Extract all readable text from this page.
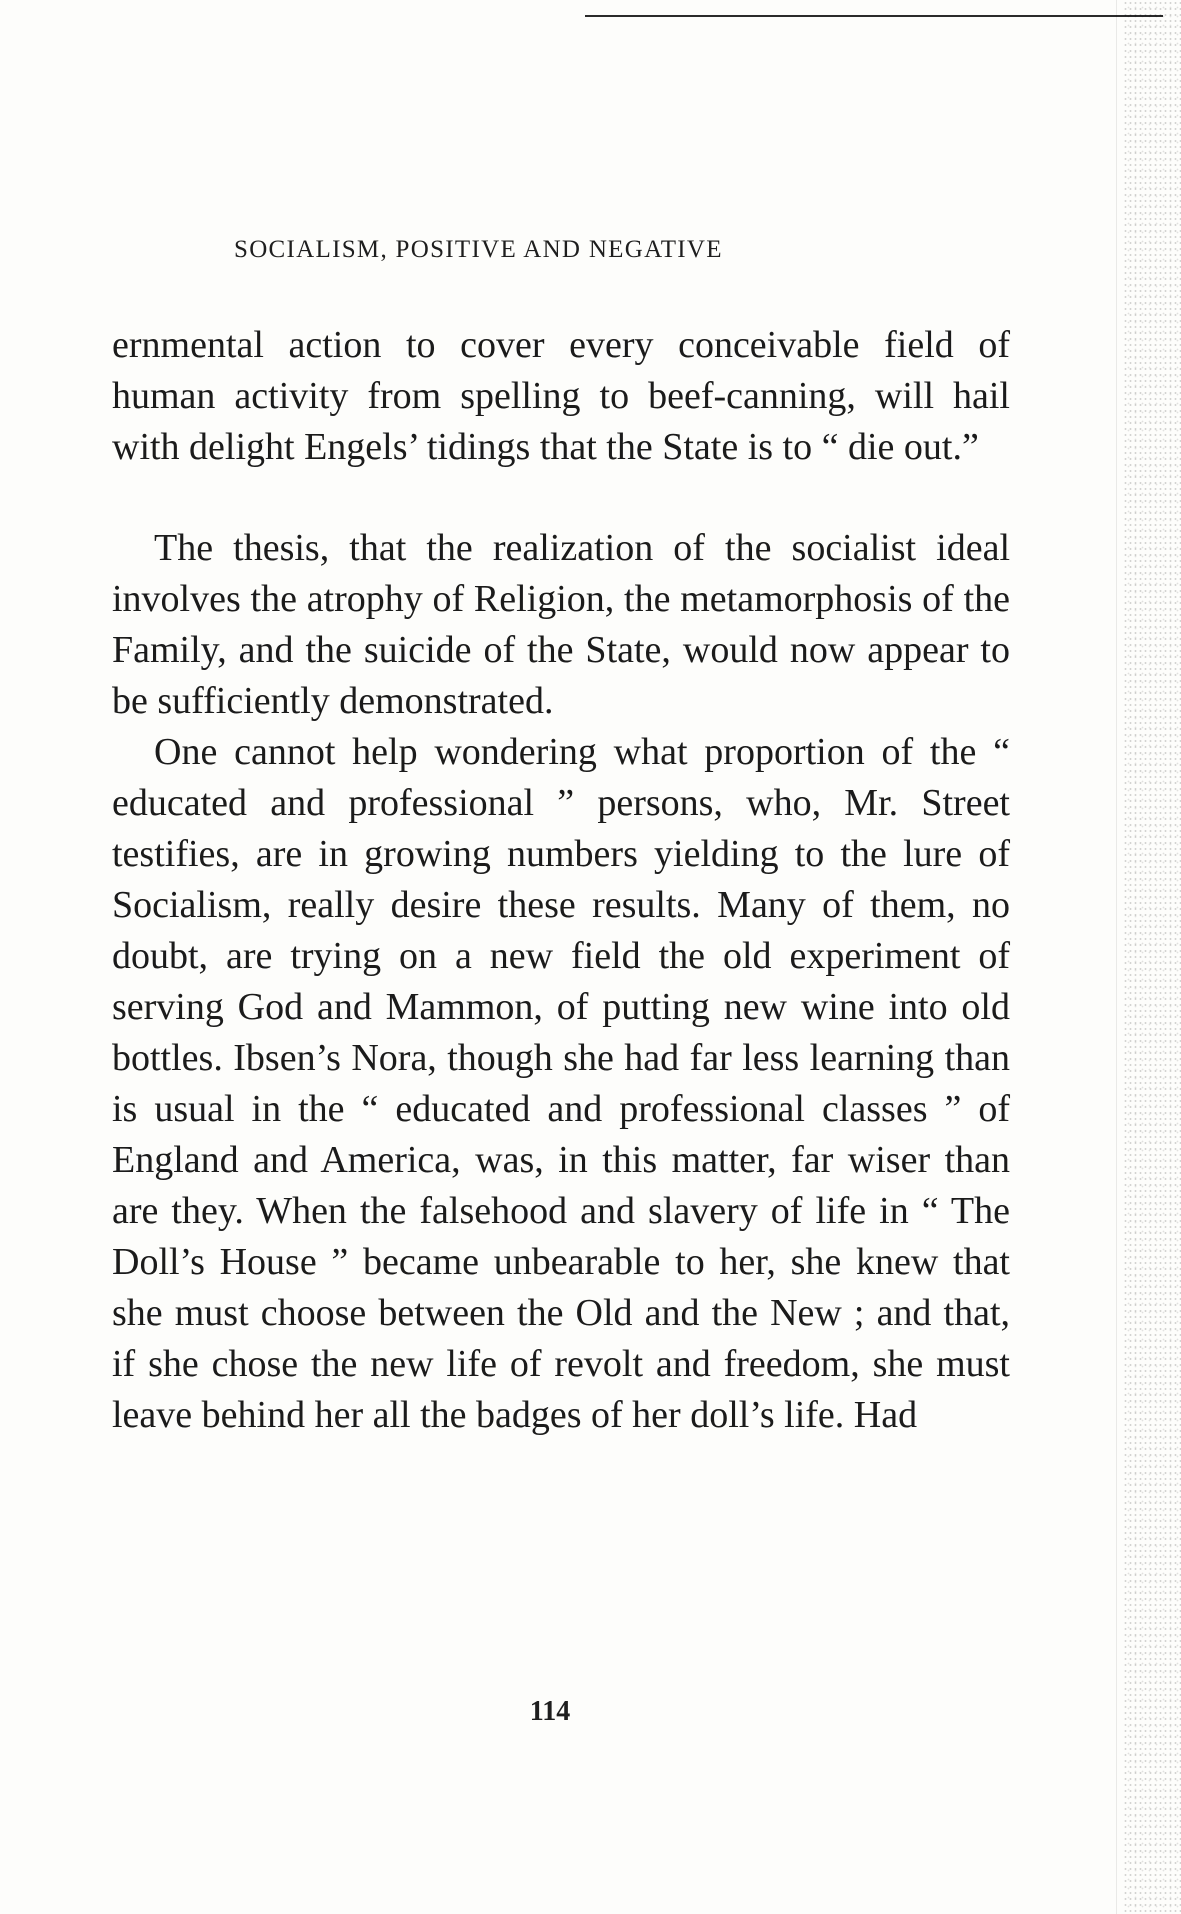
SOCIALISM, POSITIVE AND NEGATIVE

ernmental action to cover every conceivable field of human activity from spelling to beef-canning, will hail with delight Engels’ tidings that the State is to “ die out.”

The thesis, that the realization of the socialist ideal involves the atrophy of Religion, the metamorphosis of the Family, and the suicide of the State, would now appear to be sufficiently demonstrated.

One cannot help wondering what proportion of the “ educated and professional ” persons, who, Mr. Street testifies, are in growing numbers yielding to the lure of Socialism, really desire these results. Many of them, no doubt, are trying on a new field the old experiment of serving God and Mammon, of putting new wine into old bottles. Ibsen’s Nora, though she had far less learning than is usual in the “ educated and professional classes ” of England and America, was, in this matter, far wiser than are they. When the falsehood and slavery of life in “ The Doll’s House ” became unbearable to her, she knew that she must choose between the Old and the New ; and that, if she chose the new life of revolt and freedom, she must leave behind her all the badges of her doll’s life. Had

114
